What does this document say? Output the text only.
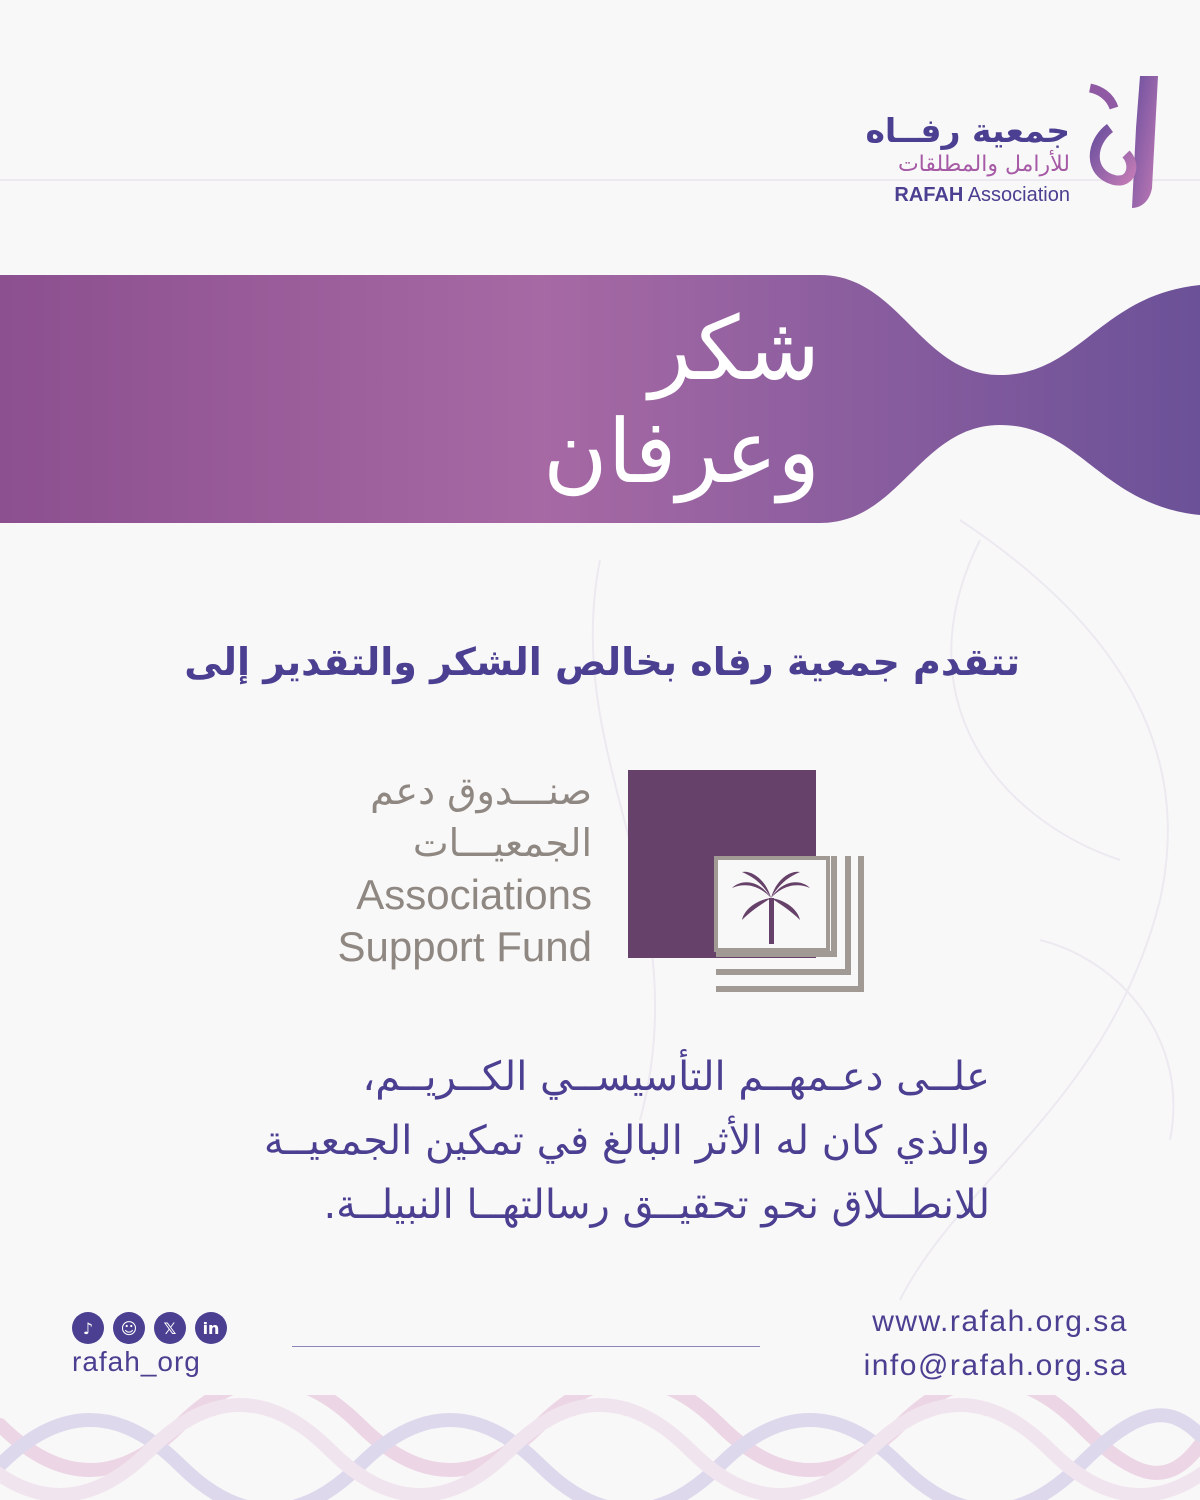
جمعية رفــاه
للأرامل والمطلقات
RAFAH Association
شكر وعرفان
تتقدم جمعية رفاه بخالص الشكر والتقدير إلى
صنـــدوق دعم
الجمعيـــات
Associations
Support Fund
علــى دعـمهــم التأسيســي الكــريــم،
والذي كان له الأثر البالغ في تمكين الجمعيــة
للانطــلاق نحو تحقيــق رسالتهــا النبيلــة.
♪	☺	𝕏	in
rafah_org
www.rafah.org.sa
info@rafah.org.sa
